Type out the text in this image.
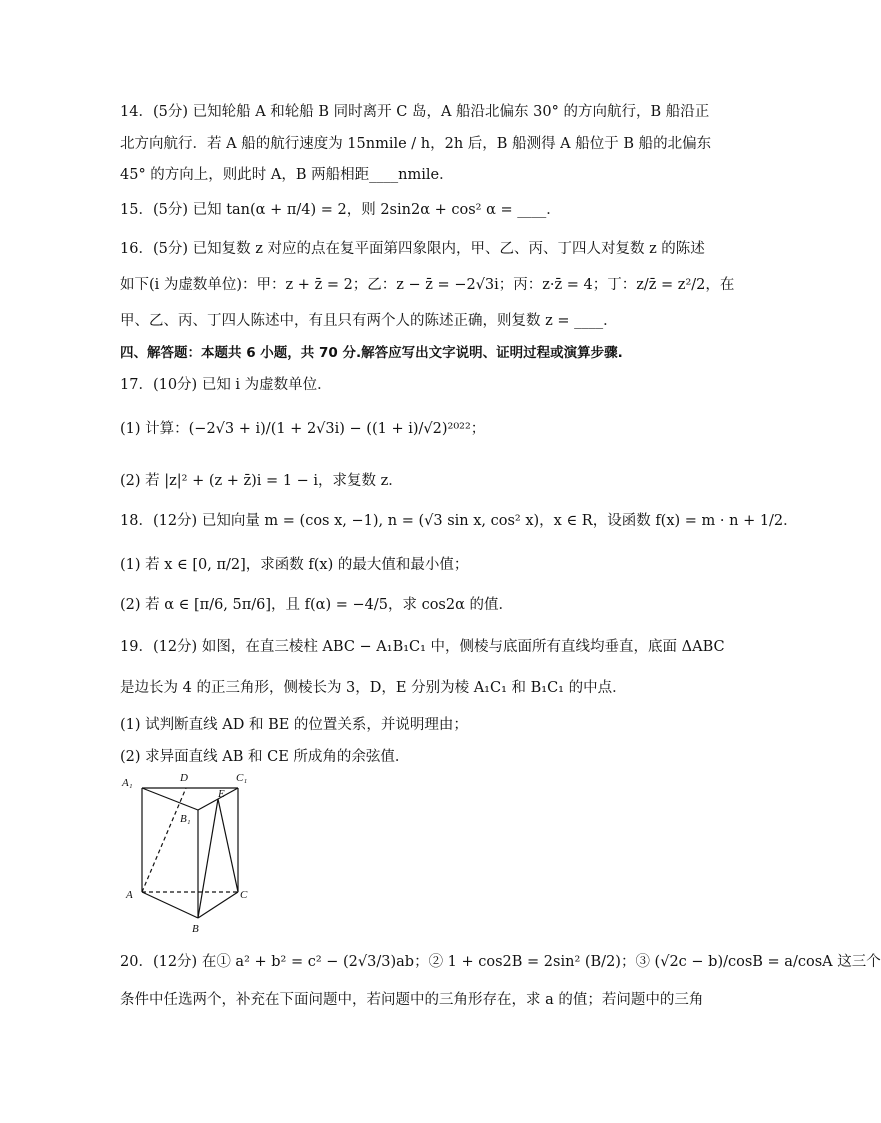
14．(5分) 已知轮船 A 和轮船 B 同时离开 C 岛，A 船沿北偏东 30° 的方向航行，B 船沿正
北方向航行．若 A 船的航行速度为 15nmile / h，2h 后，B 船测得 A 船位于 B 船的北偏东
45° 的方向上，则此时 A，B 两船相距____nmile．
15．(5分) 已知 tan(α + π/4) = 2，则 2sin2α + cos² α = ____．
16．(5分) 已知复数 z 对应的点在复平面第四象限内，甲、乙、丙、丁四人对复数 z 的陈述
如下(i 为虚数单位)：甲：z + z̄ = 2；乙：z − z̄ = −2√3i；丙：z·z̄ = 4；丁：z/z̄ = z²/2，在
甲、乙、丙、丁四人陈述中，有且只有两个人的陈述正确，则复数 z = ____．
四、解答题：本题共 6 小题，共 70 分.解答应写出文字说明、证明过程或演算步骤.
17．(10分) 已知 i 为虚数单位．
(1) 计算：(−2√3 + i)/(1 + 2√3i) − ((1 + i)/√2)²⁰²²；
(2) 若 |z|² + (z + z̄)i = 1 − i，求复数 z．
18．(12分) 已知向量 m = (cos x, −1), n = (√3 sin x, cos² x)，x ∈ R，设函数 f(x) = m · n + 1/2．
(1) 若 x ∈ [0, π/2]，求函数 f(x) 的最大值和最小值；
(2) 若 α ∈ [π/6, 5π/6]，且 f(α) = −4/5，求 cos2α 的值．
19．(12分) 如图，在直三棱柱 ABC − A₁B₁C₁ 中，侧棱与底面所有直线均垂直，底面 ΔABC
是边长为 4 的正三角形，侧棱长为 3，D，E 分别为棱 A₁C₁ 和 B₁C₁ 的中点．
(1) 试判断直线 AD 和 BE 的位置关系，并说明理由；
(2) 求异面直线 AB 和 CE 所成角的余弦值．
A₁	D	C₁
E
B₁
A	C
B
20．(12分) 在① a² + b² = c² − (2√3/3)ab；② 1 + cos2B = 2sin² (B/2)；③ (√2c − b)/cosB = a/cosA 这三个
条件中任选两个，补充在下面问题中，若问题中的三角形存在，求 a 的值；若问题中的三角
